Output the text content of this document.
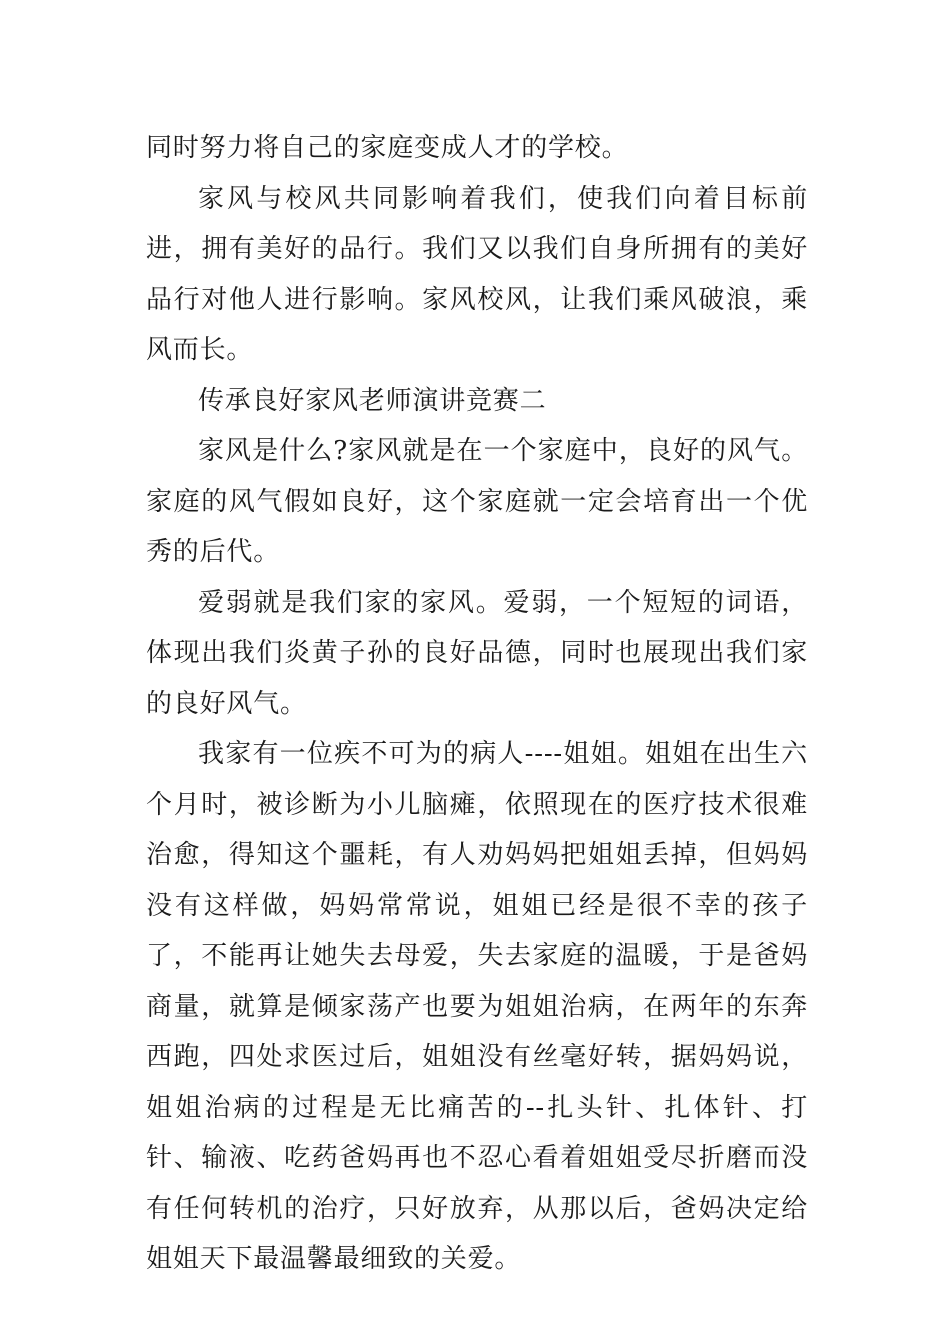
同时努力将自己的家庭变成人才的学校。

家风与校风共同影响着我们，使我们向着目标前进，拥有美好的品行。我们又以我们自身所拥有的美好品行对他人进行影响。家风校风，让我们乘风破浪，乘风而长。

传承良好家风老师演讲竞赛二

家风是什么?家风就是在一个家庭中，良好的风气。家庭的风气假如良好，这个家庭就一定会培育出一个优秀的后代。

爱弱就是我们家的家风。爱弱，一个短短的词语，体现出我们炎黄子孙的良好品德，同时也展现出我们家的良好风气。

我家有一位疾不可为的病人----姐姐。姐姐在出生六个月时，被诊断为小儿脑瘫，依照现在的医疗技术很难治愈，得知这个噩耗，有人劝妈妈把姐姐丢掉，但妈妈没有这样做，妈妈常常说，姐姐已经是很不幸的孩子了，不能再让她失去母爱，失去家庭的温暖，于是爸妈商量，就算是倾家荡产也要为姐姐治病，在两年的东奔西跑，四处求医过后，姐姐没有丝毫好转，据妈妈说，姐姐治病的过程是无比痛苦的--扎头针、扎体针、打针、输液、吃药爸妈再也不忍心看着姐姐受尽折磨而没有任何转机的治疗，只好放弃，从那以后，爸妈决定给姐姐天下最温馨最细致的关爱。
